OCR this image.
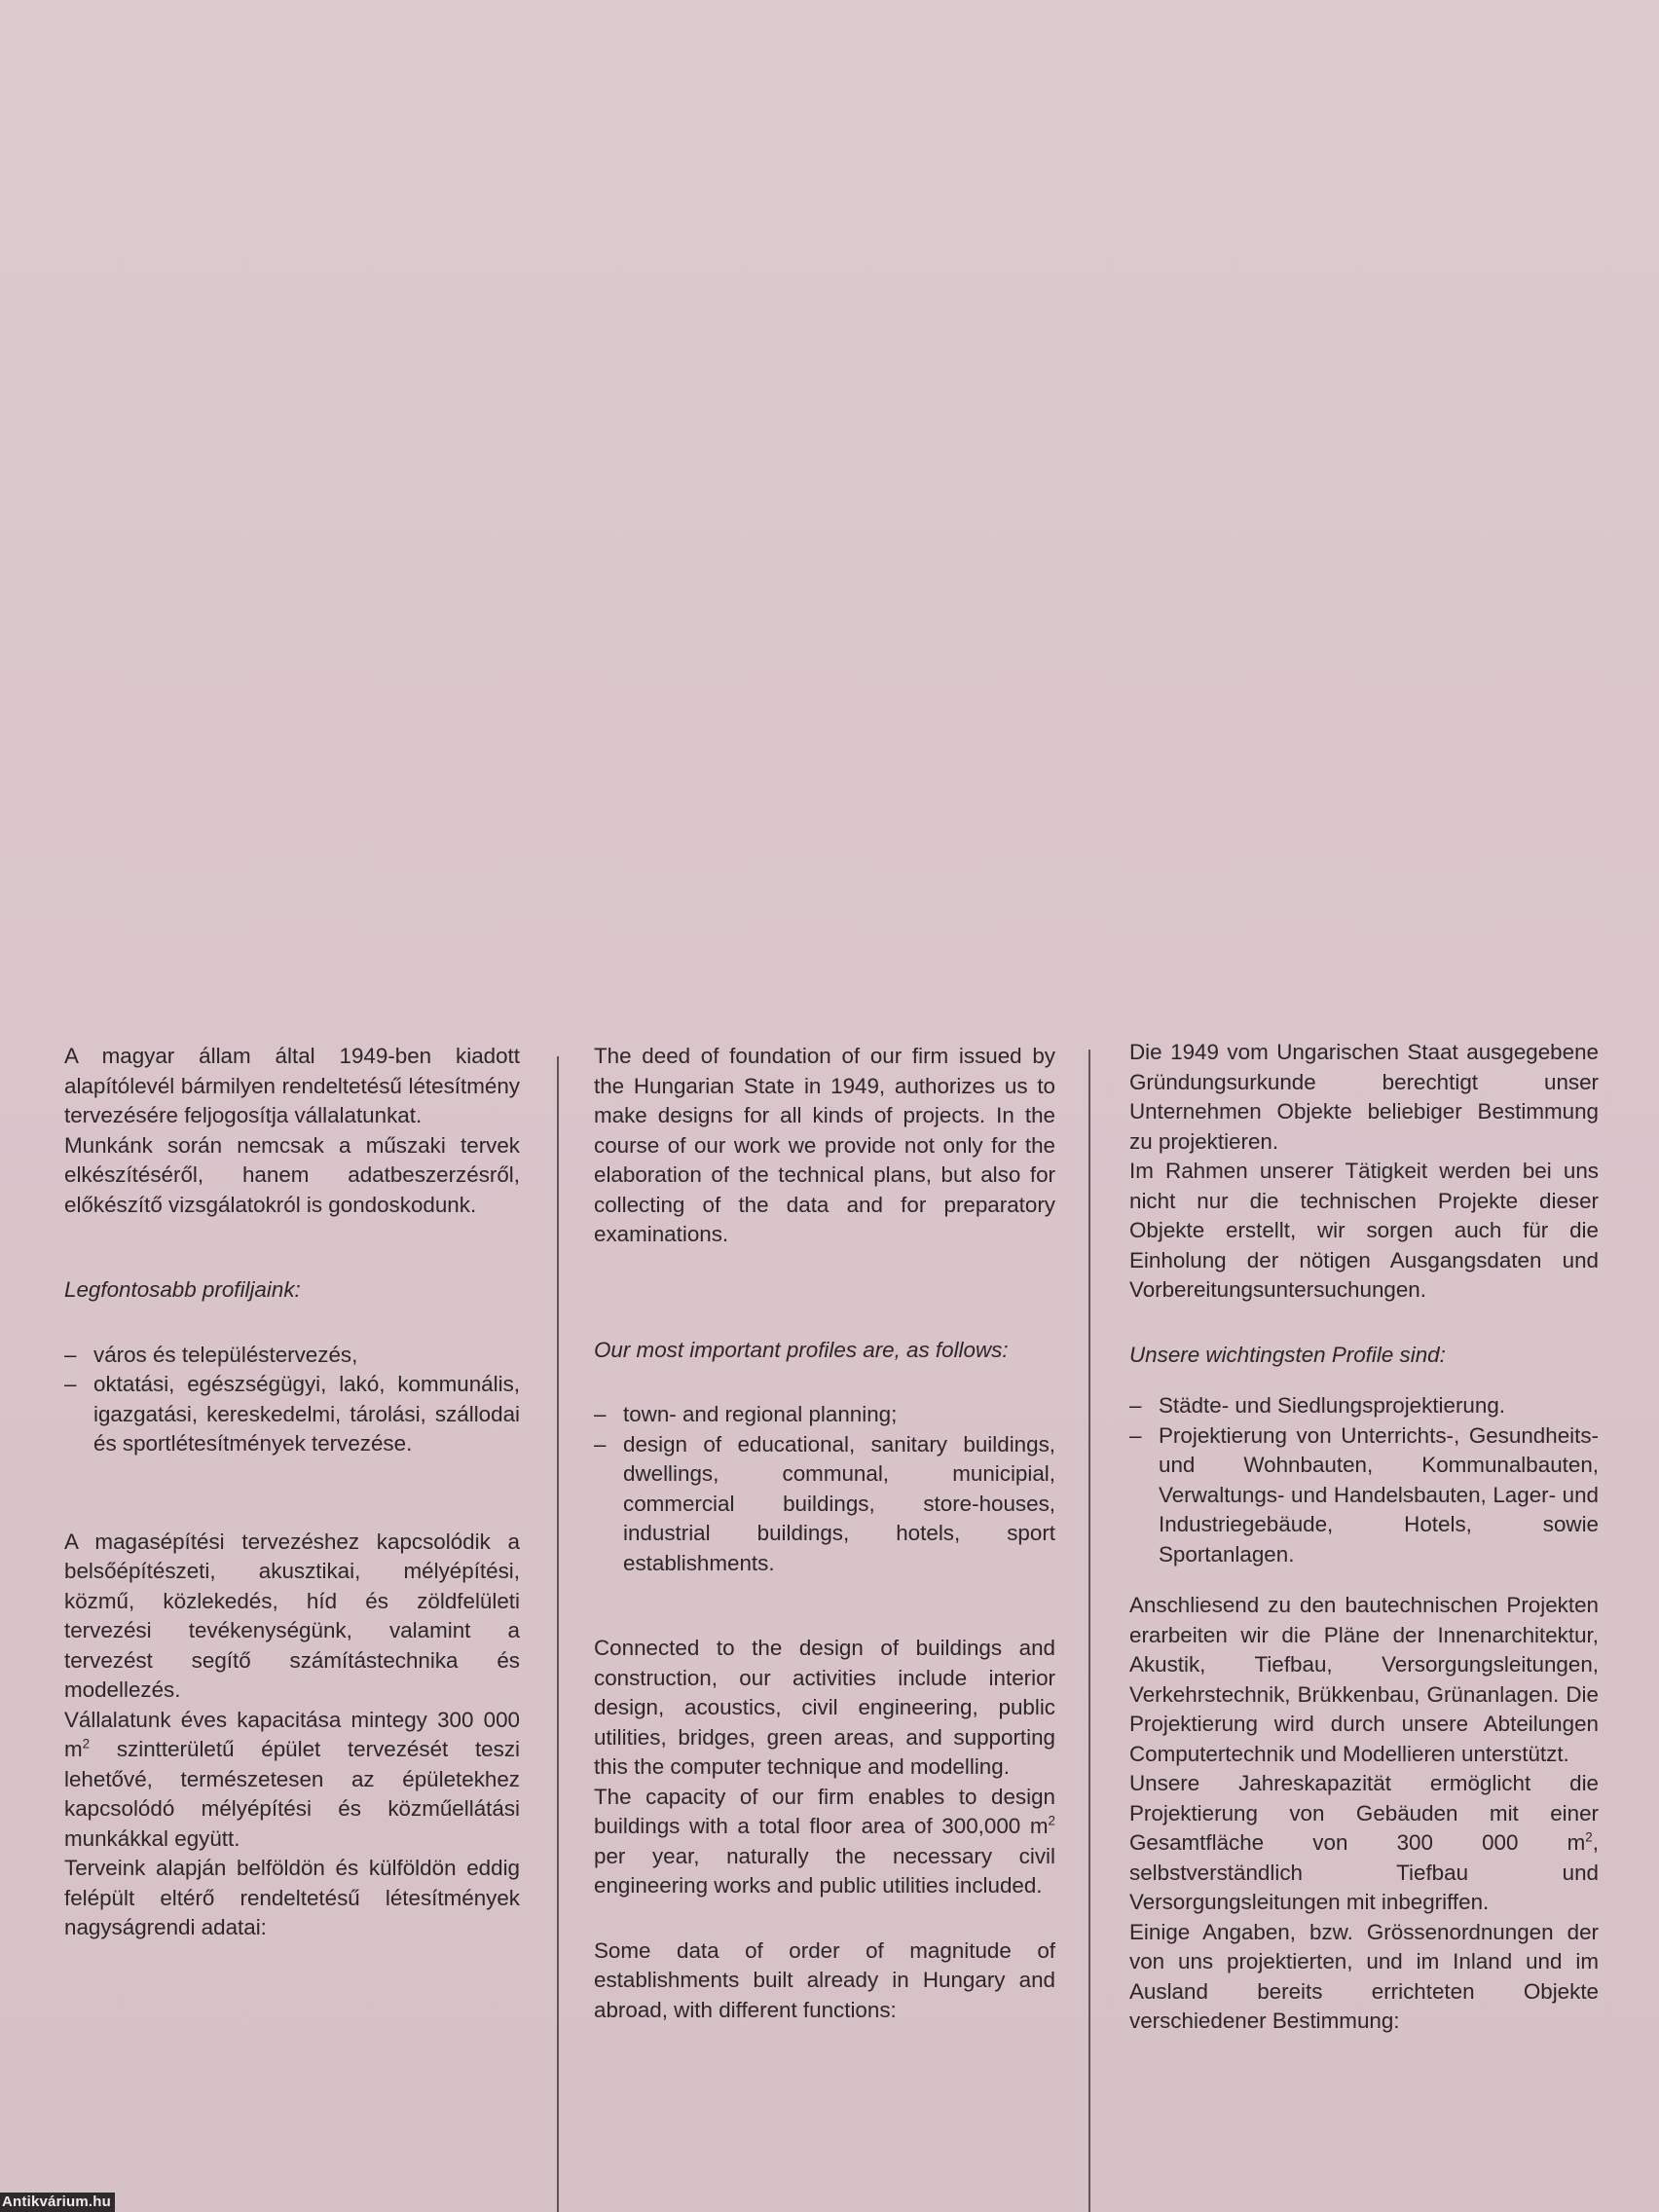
A magyar állam által 1949-ben kiadott alapítólevél bármilyen rendeltetésű létesítmény tervezésére feljogosítja vállalatunkat.

Munkánk során nemcsak a műszaki tervek elkészítéséről, hanem adatbeszerzésről, előkészítő vizsgálatokról is gondoskodunk.

Legfontosabb profiljaink:

– város és településtervezés,
– oktatási, egészségügyi, lakó, kommunális, igazgatási, kereskedelmi, tárolási, szállodai és sportlétesítmények tervezése.

A magasépítési tervezéshez kapcsolódik a belsőépítészeti, akusztikai, mélyépítési, közmű, közlekedés, híd és zöldfelületi tervezési tevékenységünk, valamint a tervezést segítő számítástechnika és modellezés.

Vállalatunk éves kapacitása mintegy 300 000 $m^2$ szintterületű épület tervezését teszi lehetővé, természetesen az épületekhez kapcsolódó mélyépítési és közműellátási munkákkal együtt.

Terveink alapján belföldön és külföldön eddig felépült eltérő rendeltetésű létesítmények nagyságrendi adatai:

The deed of foundation of our firm issued by the Hungarian State in 1949, authorizes us to make designs for all kinds of projects. In the course of our work we provide not only for the elaboration of the technical plans, but also for collecting of the data and for preparatory examinations.

Our most important profiles are, as follows:

– town- and regional planning;
– design of educational, sanitary buildings, dwellings, communal, municipial, commercial buildings, store-houses, industrial buildings, hotels, sport establishments.

Connected to the design of buildings and construction, our activities include interior design, acoustics, civil engineering, public utilities, bridges, green areas, and supporting this the computer technique and modelling.

The capacity of our firm enables to design buildings with a total floor area of 300,000 $m^2$ per year, naturally the necessary civil engineering works and public utilities included.

Some data of order of magnitude of establishments built already in Hungary and abroad, with different functions:

Die 1949 vom Ungarischen Staat ausgegebene Gründungsurkunde berechtigt unser Unternehmen Objekte beliebiger Bestimmung zu projektieren.

Im Rahmen unserer Tätigkeit werden bei uns nicht nur die technischen Projekte dieser Objekte erstellt, wir sorgen auch für die Einholung der nötigen Ausgangsdaten und Vorbereitungsuntersuchungen.

Unsere wichtingsten Profile sind:

– Städte- und Siedlungsprojektierung.
– Projektierung von Unterrichts-, Gesundheits- und Wohnbauten, Kommunalbauten, Verwaltungs- und Handelsbauten, Lager- und Industriegebäude, Hotels, sowie Sportanlagen.

Anschliesend zu den bautechnischen Projekten erarbeiten wir die Pläne der Innenarchitektur, Akustik, Tiefbau, Versorgungsleitungen, Verkehrstechnik, Brükkenbau, Grünanlagen. Die Projektierung wird durch unsere Abteilungen Computertechnik und Modellieren unterstützt.

Unsere Jahreskapazität ermöglicht die Projektierung von Gebäuden mit einer Gesamtfläche von 300 000 $m^2$, selbstverständlich Tiefbau und Versorgungsleitungen mit inbegriffen.

Einige Angaben, bzw. Grössenordnungen der von uns projektierten, und im Inland und im Ausland bereits errichteten Objekte verschiedener Bestimmung:

Antikvárium.hu
